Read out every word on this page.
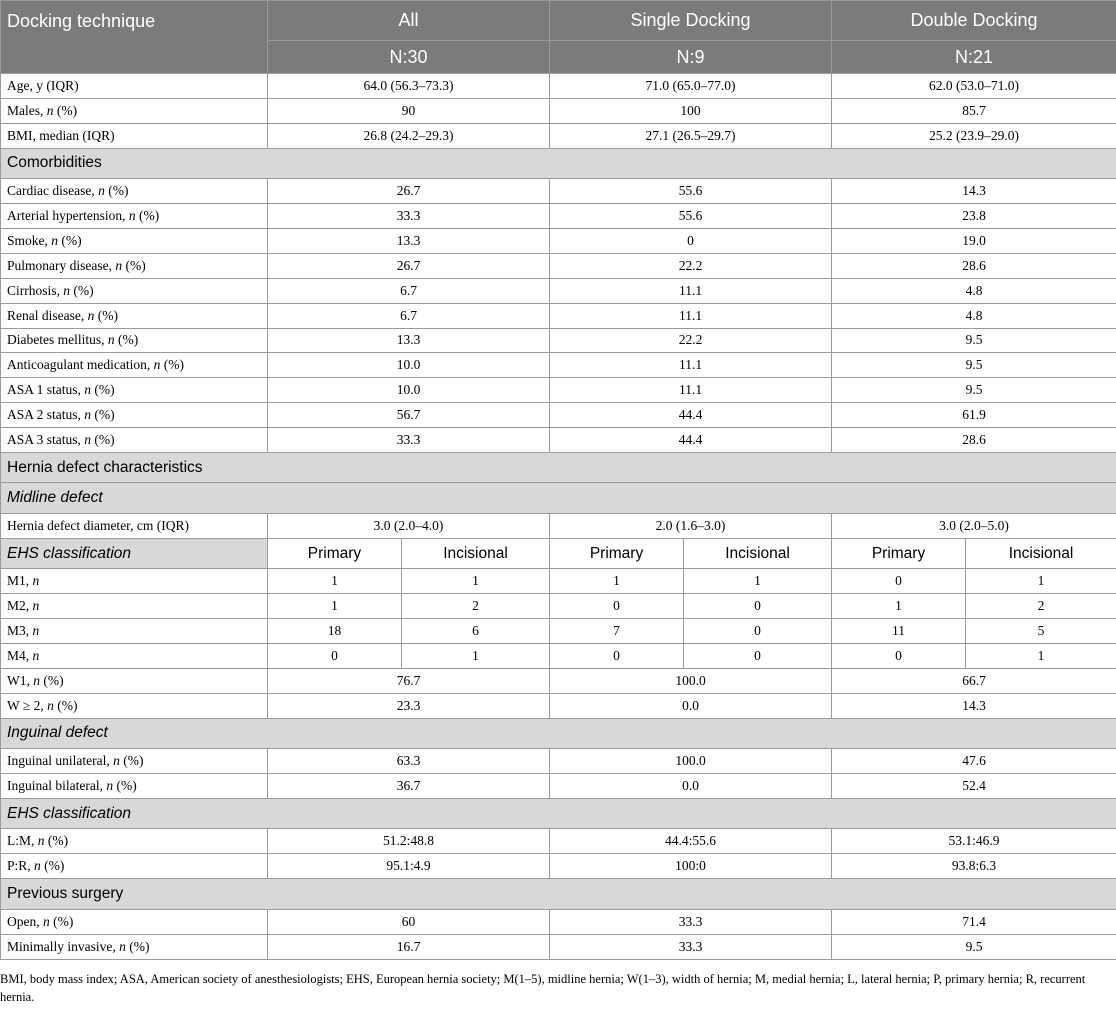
Docking technique	All		Single Docking		Double Docking	
	N:30		N:9		N:21	
Age, y (IQR)	64.0 (56.3–73.3)		71.0 (65.0–77.0)		62.0 (53.0–71.0)	
Males, n (%)	90		100		85.7	
BMI, median (IQR)	26.8 (24.2–29.3)		27.1 (26.5–29.7)		25.2 (23.9–29.0)	
Comorbidities						
Cardiac disease, n (%)	26.7		55.6		14.3	
Arterial hypertension, n (%)	33.3		55.6		23.8	
Smoke, n (%)	13.3		0		19.0	
Pulmonary disease, n (%)	26.7		22.2		28.6	
Cirrhosis, n (%)	6.7		11.1		4.8	
Renal disease, n (%)	6.7		11.1		4.8	
Diabetes mellitus, n (%)	13.3		22.2		9.5	
Anticoagulant medication, n (%)	10.0		11.1		9.5	
ASA 1 status, n (%)	10.0		11.1		9.5	
ASA 2 status, n (%)	56.7		44.4		61.9	
ASA 3 status, n (%)	33.3		44.4		28.6	
Hernia defect characteristics						
Midline defect						
Hernia defect diameter, cm (IQR)	3.0 (2.0–4.0)		2.0 (1.6–3.0)		3.0 (2.0–5.0)	
EHS classification	Primary	Incisional	Primary	Incisional	Primary	Incisional
M1, n	1	1	1	1	0	1
M2, n	1	2	0	0	1	2
M3, n	18	6	7	0	11	5
M4, n	0	1	0	0	0	1
W1, n (%)	76.7		100.0		66.7	
W ≥ 2, n (%)	23.3		0.0		14.3	
Inguinal defect						
Inguinal unilateral, n (%)	63.3		100.0		47.6	
Inguinal bilateral, n (%)	36.7		0.0		52.4	
EHS classification						
L:M, n (%)	51.2:48.8		44.4:55.6		53.1:46.9	
P:R, n (%)	95.1:4.9		100:0		93.8:6.3	
Previous surgery						
Open, n (%)	60		33.3		71.4	
Minimally invasive, n (%)	16.7		33.3		9.5	
BMI, body mass index; ASA, American society of anesthesiologists; EHS, European hernia society; M(1–5), midline hernia; W(1–3), width of hernia; M, medial hernia; L, lateral hernia; P, primary hernia; R, recurrent hernia.
